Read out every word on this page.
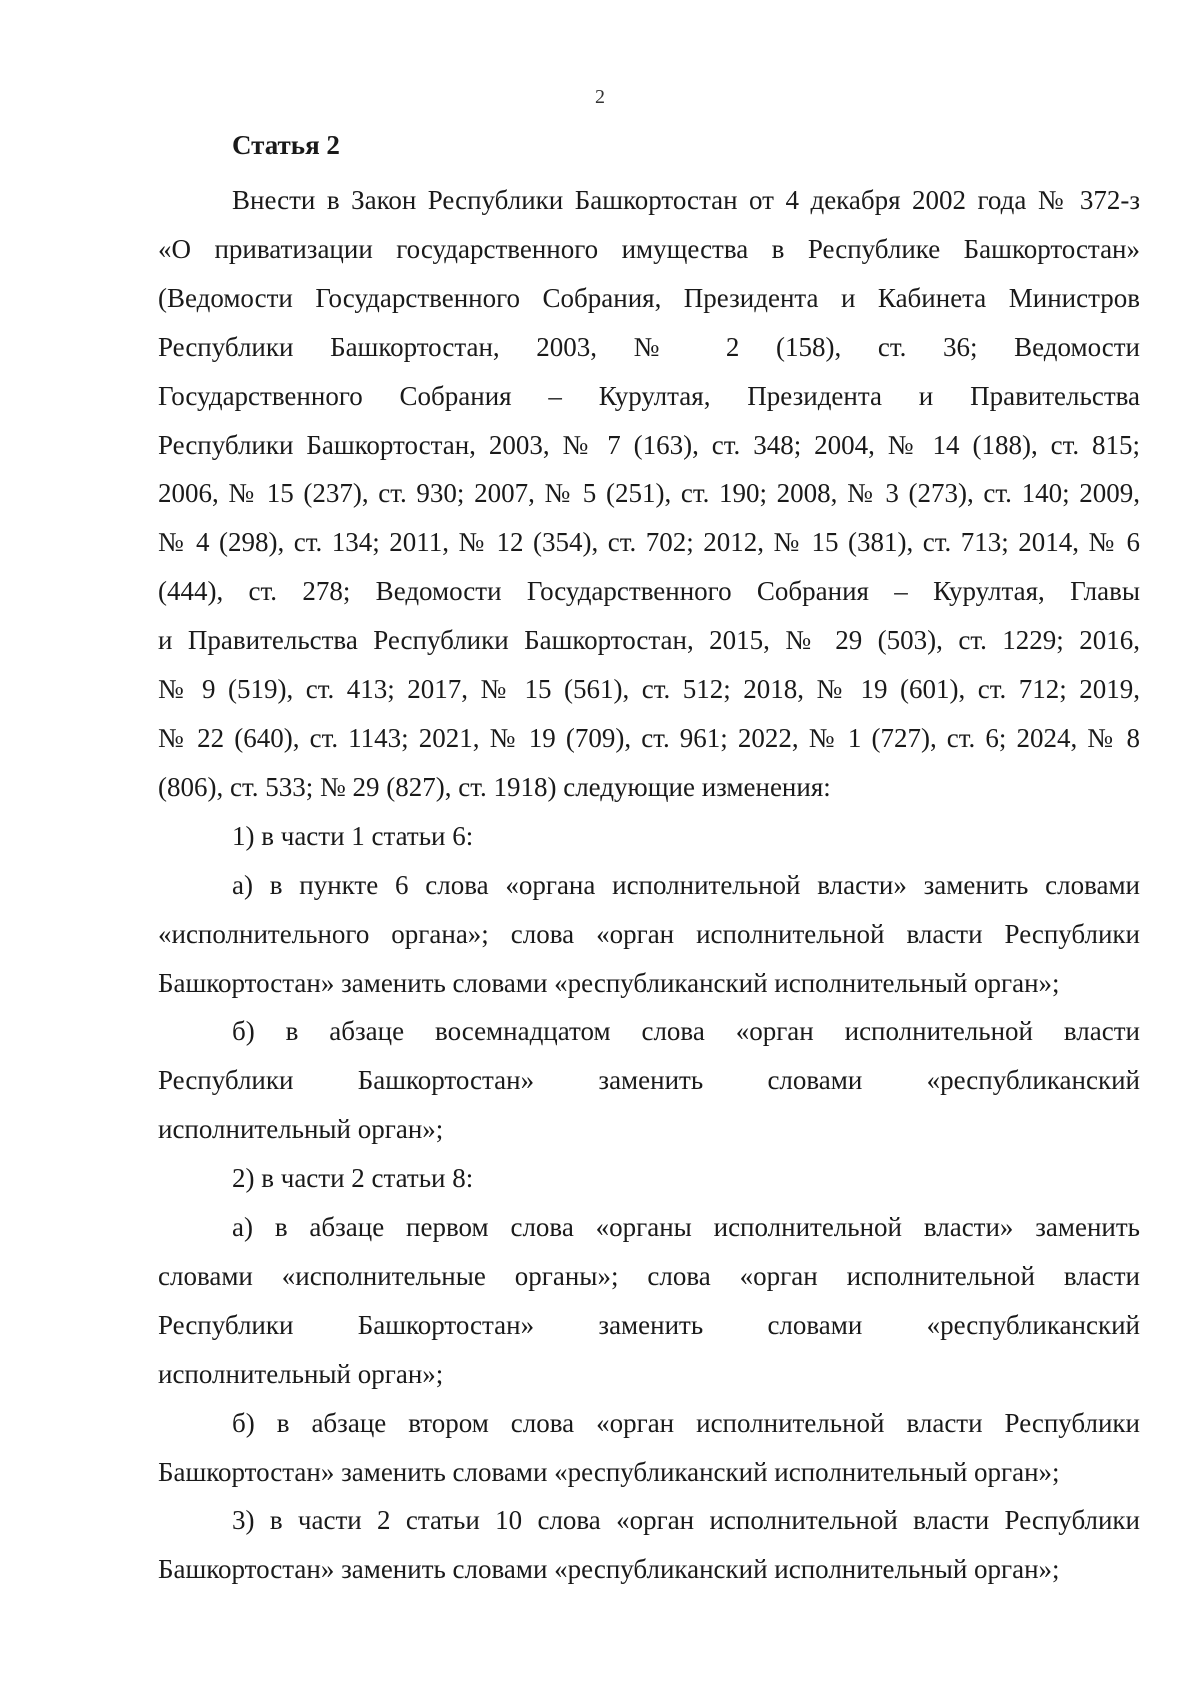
2
Статья 2
Внести в Закон Республики Башкортостан от 4 декабря 2002 года № 372-з
«О приватизации государственного имущества в Республике Башкортостан»
(Ведомости Государственного Собрания, Президента и Кабинета Министров
Республики Башкортостан, 2003, № 2 (158), ст. 36; Ведомости
Государственного Собрания – Курултая, Президента и Правительства
Республики Башкортостан, 2003, № 7 (163), ст. 348; 2004, № 14 (188), ст. 815;
2006, № 15 (237), ст. 930; 2007, № 5 (251), ст. 190; 2008, № 3 (273), ст. 140; 2009,
№ 4 (298), ст. 134; 2011, № 12 (354), ст. 702; 2012, № 15 (381), ст. 713; 2014, № 6
(444), ст. 278; Ведомости Государственного Собрания – Курултая, Главы
и Правительства Республики Башкортостан, 2015, № 29 (503), ст. 1229; 2016,
№ 9 (519), ст. 413; 2017, № 15 (561), ст. 512; 2018, № 19 (601), ст. 712; 2019,
№ 22 (640), ст. 1143; 2021, № 19 (709), ст. 961; 2022, № 1 (727), ст. 6; 2024, № 8
(806), ст. 533; № 29 (827), ст. 1918) следующие изменения:
1) в части 1 статьи 6:
а) в пункте 6 слова «органа исполнительной власти» заменить словами
«исполнительного органа»; слова «орган исполнительной власти Республики
Башкортостан» заменить словами «республиканский исполнительный орган»;
б) в абзаце восемнадцатом слова «орган исполнительной власти
Республики Башкортостан» заменить словами «республиканский
исполнительный орган»;
2) в части 2 статьи 8:
а) в абзаце первом слова «органы исполнительной власти» заменить
словами «исполнительные органы»; слова «орган исполнительной власти
Республики Башкортостан» заменить словами «республиканский
исполнительный орган»;
б) в абзаце втором слова «орган исполнительной власти Республики
Башкортостан» заменить словами «республиканский исполнительный орган»;
3) в части 2 статьи 10 слова «орган исполнительной власти Республики
Башкортостан» заменить словами «республиканский исполнительный орган»;
